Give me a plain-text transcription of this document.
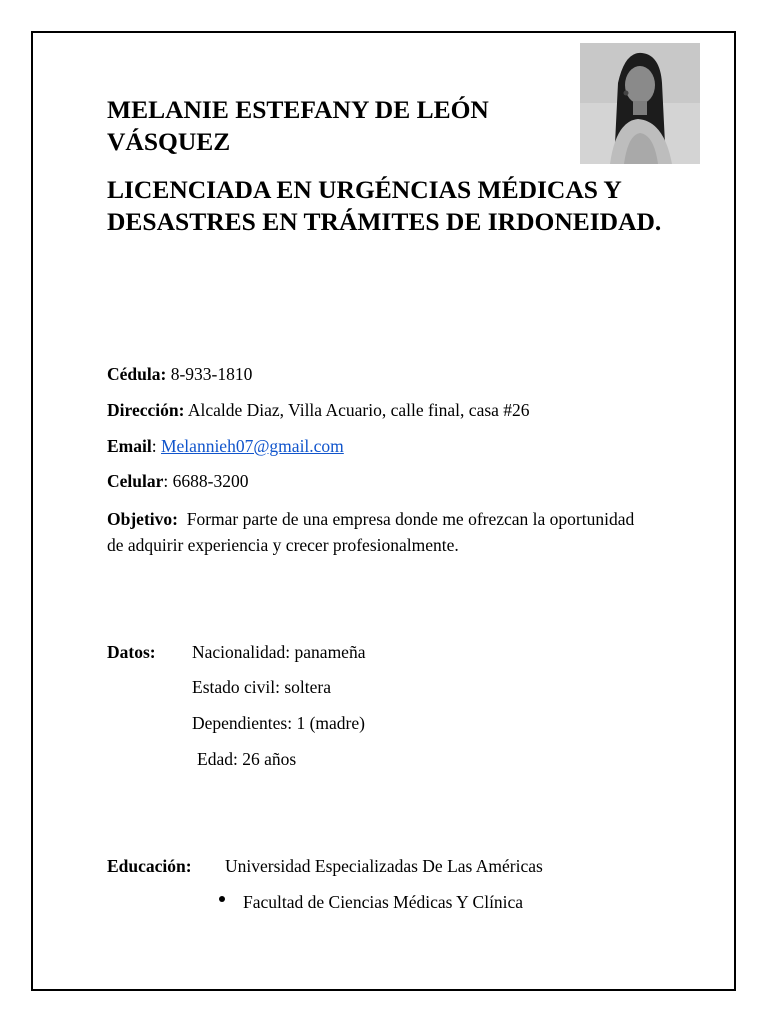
MELANIE ESTEFANY DE LEÓN VÁSQUEZ
LICENCIADA EN URGÉNCIAS MÉDICAS Y DESASTRES EN TRÁMITES DE IRDONEIDAD.
Cédula: 8-933-1810
Dirección: Alcalde Diaz, Villa Acuario, calle final, casa #26
Email: Melannieh07@gmail.com
Celular: 6688-3200
Objetivo: Formar parte de una empresa donde me ofrezcan la oportunidad de adquirir experiencia y crecer profesionalmente.
Datos: Nacionalidad: panameña
Estado civil: soltera
Dependientes: 1 (madre)
Edad: 26 años
Educación: Universidad Especializadas De Las Américas
Facultad de Ciencias Médicas Y Clínica
